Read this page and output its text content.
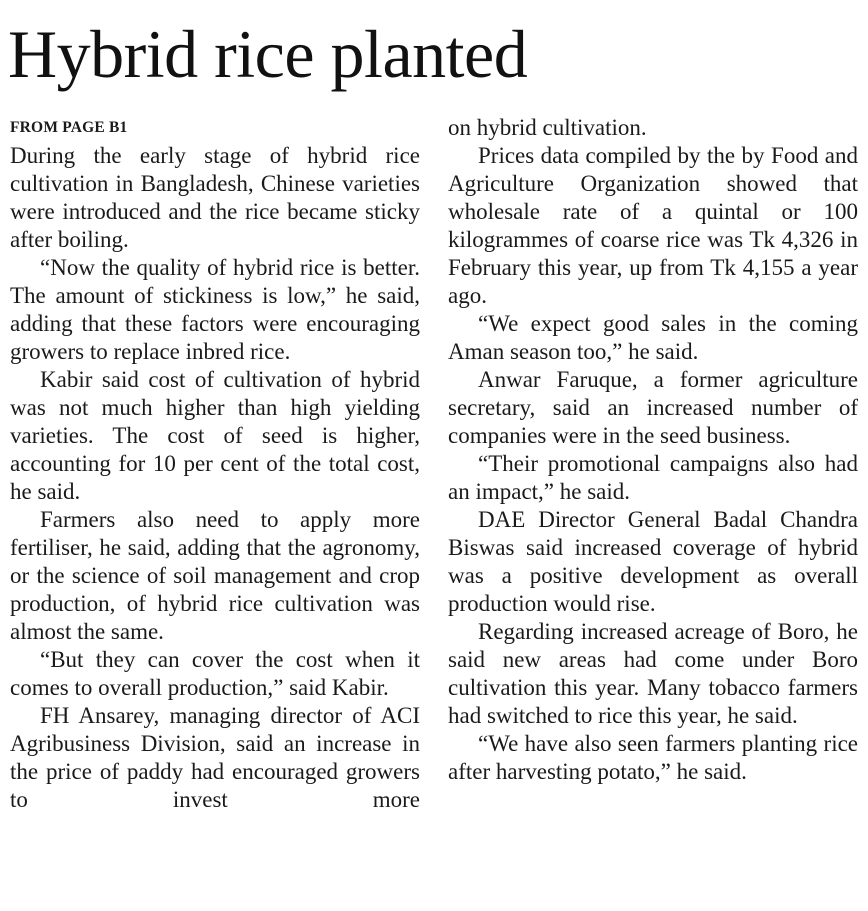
Hybrid rice planted
FROM PAGE B1

During the early stage of hybrid rice cultivation in Bangladesh, Chinese varieties were introduced and the rice became sticky after boiling.

“Now the quality of hybrid rice is better. The amount of stickiness is low,” he said, adding that these factors were encouraging growers to replace inbred rice.

Kabir said cost of cultivation of hybrid was not much higher than high yielding varieties. The cost of seed is higher, accounting for 10 per cent of the total cost, he said.

Farmers also need to apply more fertiliser, he said, adding that the agronomy, or the science of soil management and crop production, of hybrid rice cultivation was almost the same.

“But they can cover the cost when it comes to overall production,” said Kabir.

FH Ansarey, managing director of ACI Agribusiness Division, said an increase in the price of paddy had encouraged growers to invest more

on hybrid cultivation.

Prices data compiled by the by Food and Agriculture Organization showed that wholesale rate of a quintal or 100 kilogrammes of coarse rice was Tk 4,326 in February this year, up from Tk 4,155 a year ago.

“We expect good sales in the coming Aman season too,” he said.

Anwar Faruque, a former agriculture secretary, said an increased number of companies were in the seed business.

“Their promotional campaigns also had an impact,” he said.

DAE Director General Badal Chandra Biswas said increased coverage of hybrid was a positive development as overall production would rise.

Regarding increased acreage of Boro, he said new areas had come under Boro cultivation this year. Many tobacco farmers had switched to rice this year, he said.

“We have also seen farmers planting rice after harvesting potato,” he said.
